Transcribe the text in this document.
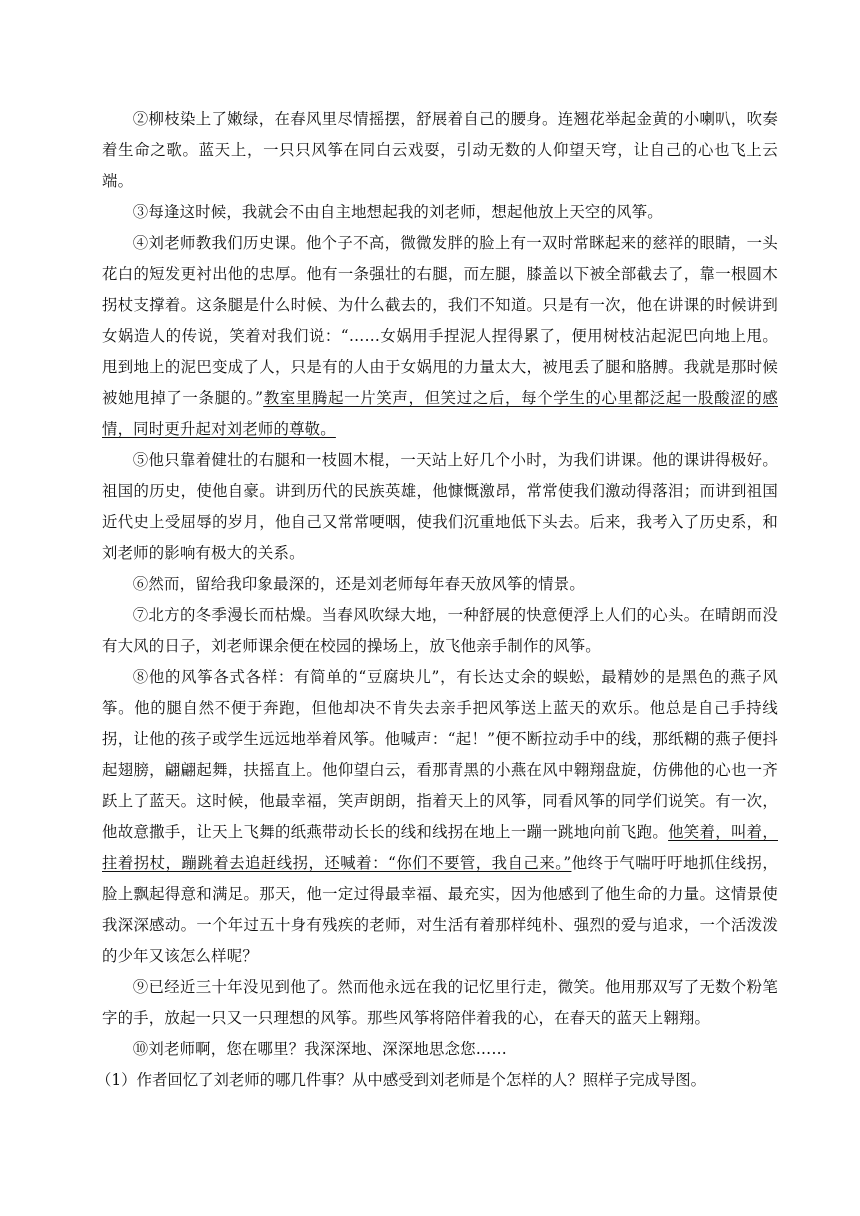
②柳枝染上了嫩绿，在春风里尽情摇摆，舒展着自己的腰身。连翘花举起金黄的小喇叭，吹奏着生命之歌。蓝天上，一只只风筝在同白云戏耍，引动无数的人仰望天穹，让自己的心也飞上云端。

③每逢这时候，我就会不由自主地想起我的刘老师，想起他放上天空的风筝。

④刘老师教我们历史课。他个子不高，微微发胖的脸上有一双时常眯起来的慈祥的眼睛，一头花白的短发更衬出他的忠厚。他有一条强壮的右腿，而左腿，膝盖以下被全部截去了，靠一根圆木拐杖支撑着。这条腿是什么时候、为什么截去的，我们不知道。只是有一次，他在讲课的时候讲到女娲造人的传说，笑着对我们说：“……女娲用手捏泥人捏得累了，便用树枝沾起泥巴向地上甩。甩到地上的泥巴变成了人，只是有的人由于女娲甩的力量太大，被甩丢了腿和胳膊。我就是那时候被她甩掉了一条腿的。”教室里腾起一片笑声，但笑过之后，每个学生的心里都泛起一股酸涩的感情，同时更升起对刘老师的尊敬。

⑤他只靠着健壮的右腿和一枝圆木棍，一天站上好几个小时，为我们讲课。他的课讲得极好。祖国的历史，使他自豪。讲到历代的民族英雄，他慷慨激昂，常常使我们激动得落泪；而讲到祖国近代史上受屈辱的岁月，他自己又常常哽咽，使我们沉重地低下头去。后来，我考入了历史系，和刘老师的影响有极大的关系。

⑥然而，留给我印象最深的，还是刘老师每年春天放风筝的情景。

⑦北方的冬季漫长而枯燥。当春风吹绿大地，一种舒展的快意便浮上人们的心头。在晴朗而没有大风的日子，刘老师课余便在校园的操场上，放飞他亲手制作的风筝。

⑧他的风筝各式各样：有简单的“豆腐块儿”，有长达丈余的蜈蚣，最精妙的是黑色的燕子风筝。他的腿自然不便于奔跑，但他却决不肯失去亲手把风筝送上蓝天的欢乐。他总是自己手持线拐，让他的孩子或学生远远地举着风筝。他喊声：“起！”便不断拉动手中的线，那纸糊的燕子便抖起翅膀，翩翩起舞，扶摇直上。他仰望白云，看那青黑的小燕在风中翱翔盘旋，仿佛他的心也一齐跃上了蓝天。这时候，他最幸福，笑声朗朗，指着天上的风筝，同看风筝的同学们说笑。有一次，他故意撒手，让天上飞舞的纸燕带动长长的线和线拐在地上一蹦一跳地向前飞跑。他笑着，叫着，拄着拐杖，蹦跳着去追赶线拐，还喊着：“你们不要管，我自己来。”他终于气喘吁吁地抓住线拐，脸上飘起得意和满足。那天，他一定过得最幸福、最充实，因为他感到了他生命的力量。这情景使我深深感动。一个年过五十身有残疾的老师，对生活有着那样纯朴、强烈的爱与追求，一个活泼泼的少年又该怎么样呢？

⑨已经近三十年没见到他了。然而他永远在我的记忆里行走，微笑。他用那双写了无数个粉笔字的手，放起一只又一只理想的风筝。那些风筝将陪伴着我的心，在春天的蓝天上翱翔。

⑩刘老师啊，您在哪里？我深深地、深深地思念您……

（1）作者回忆了刘老师的哪几件事？从中感受到刘老师是个怎样的人？照样子完成导图。
